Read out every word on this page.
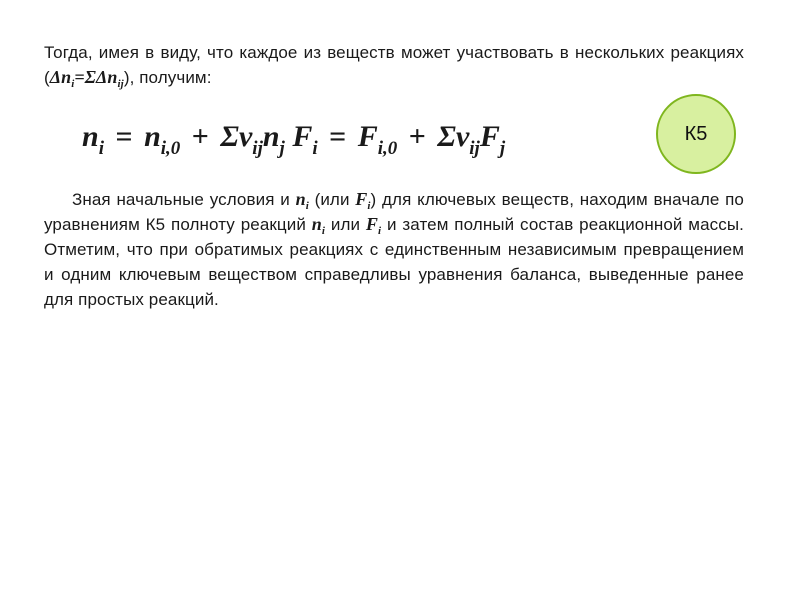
Тогда, имея в виду, что каждое из веществ может участвовать в нескольких реакциях $(\Delta n_i=\Sigma\Delta n_{ij})$, получим:
$n_i = n_{i,0} + \Sigma\nu_{ij}n_j$ $F_i = F_{i,0} + \Sigma\nu_{ij}F_j$
К5
Зная начальные условия и $n_i$ (или $F_i$) для ключевых веществ, находим вначале по уравнениям К5 полноту реакций $n_i$ или $F_i$ и затем полный состав реакционной массы. Отметим, что при обратимых реакциях с единственным независимым превращением и одним ключевым веществом справедливы уравнения баланса, выведенные ранее для простых реакций.
